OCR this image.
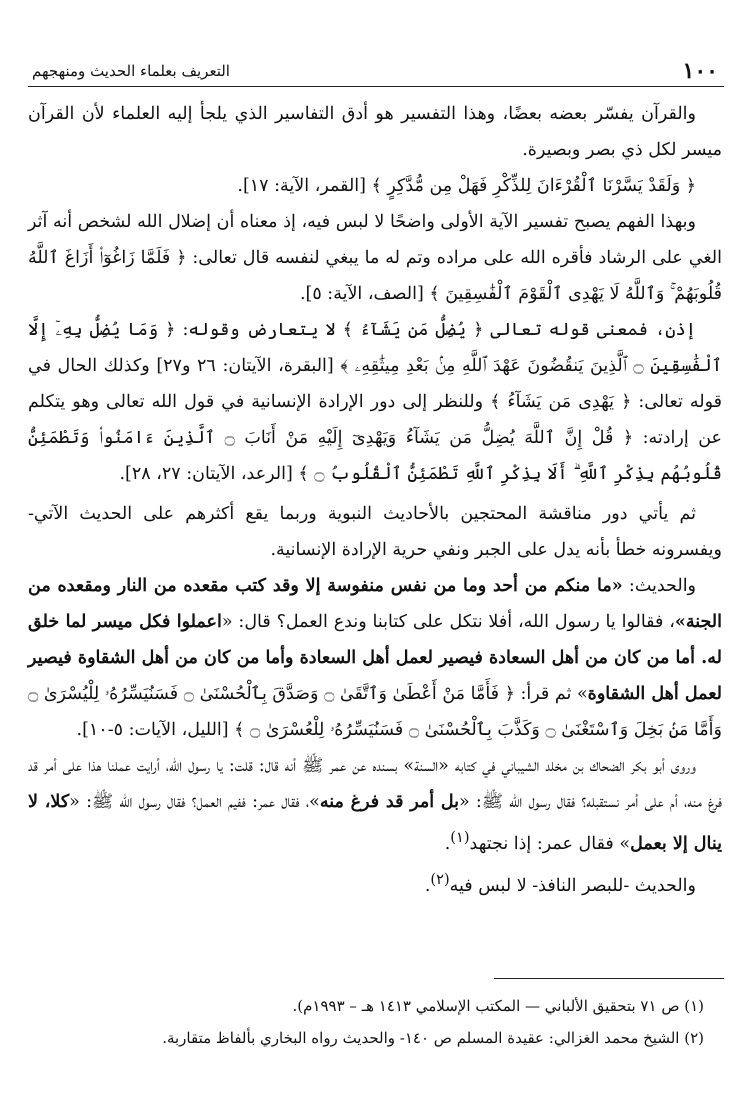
١٠٠
التعريف بعلماء الحديث ومنهجهم

والقرآن يفسّر بعضه بعضًا، وهذا التفسير هو أدق التفاسير الذي يلجأ إليه العلماء لأن القرآن ميسر لكل ذي بصر وبصيرة.

﴿ وَلَقَدْ يَسَّرْنَا ٱلْقُرْءَانَ لِلذِّكْرِ فَهَلْ مِن مُّدَّكِرٍ ﴾ [القمر، الآية: ١٧].

وبهذا الفهم يصبح تفسير الآية الأولى واضحًا لا لبس فيه، إذ معناه أن إضلال الله لشخص أنه آثر الغي على الرشاد فأقره الله على مراده وتم له ما يبغي لنفسه قال تعالى: ﴿ فَلَمَّا زَاغُوٓا۟ أَزَاغَ ٱللَّهُ قُلُوبَهُمْ ۚ وَٱللَّهُ لَا يَهْدِى ٱلْقَوْمَ ٱلْفَٰسِقِينَ ﴾ [الصف، الآية: ٥].

إذن، فمعنى قوله تعالى ﴿ يُضِلُّ مَن يَشَآءُ ﴾ لا يتعارض وقوله: ﴿ وَمَا يُضِلُّ بِهِۦٓ إِلَّا ٱلْفَٰسِقِينَ ۝ ٱلَّذِينَ يَنقُضُونَ عَهْدَ ٱللَّهِ مِنۢ بَعْدِ مِيثَٰقِهِۦ ﴾ [البقرة، الآيتان: ٢٦ و٢٧] وكذلك الحال في قوله تعالى: ﴿ يَهْدِى مَن يَشَآءُ ﴾ وللنظر إلى دور الإرادة الإنسانية في قول الله تعالى وهو يتكلم عن إرادته: ﴿ قُلْ إِنَّ ٱللَّهَ يُضِلُّ مَن يَشَآءُ وَيَهْدِىٓ إِلَيْهِ مَنْ أَنَابَ ۝ ٱلَّذِينَ ءَامَنُوا۟ وَتَطْمَئِنُّ قُلُوبُهُم بِذِكْرِ ٱللَّهِ ۗ أَلَا بِذِكْرِ ٱللَّهِ تَطْمَئِنُّ ٱلْقُلُوبُ ۝ ﴾ [الرعد، الآيتان: ٢٧، ٢٨].

ثم يأتي دور مناقشة المحتجين بالأحاديث النبوية وربما يقع أكثرهم على الحديث الآتي- ويفسرونه خطأ بأنه يدل على الجبر ونفي حرية الإرادة الإنسانية.

والحديث: «ما منكم من أحد وما من نفس منفوسة إلا وقد كتب مقعده من النار ومقعده من الجنة»، فقالوا يا رسول الله، أفلا نتكل على كتابنا وندع العمل؟ قال: «اعملوا فكل ميسر لما خلق له. أما من كان من أهل السعادة فيصير لعمل أهل السعادة وأما من كان من أهل الشقاوة فيصير لعمل أهل الشقاوة» ثم قرأ: ﴿ فَأَمَّا مَنْ أَعْطَىٰ وَٱتَّقَىٰ ۝ وَصَدَّقَ بِٱلْحُسْنَىٰ ۝ فَسَنُيَسِّرُهُۥ لِلْيُسْرَىٰ ۝ وَأَمَّا مَنۢ بَخِلَ وَٱسْتَغْنَىٰ ۝ وَكَذَّبَ بِٱلْحُسْنَىٰ ۝ فَسَنُيَسِّرُهُۥ لِلْعُسْرَىٰ ۝ ﴾ [الليل، الآيات: ٥-١٠].

وروى أبو بكر الضحاك بن مخلد الشيباني في كتابه «السنة» بسنده عن عمر ﷺ أنه قال: قلت: يا رسول الله، أرايت عملنا هذا على أمر قد فرغ منه، أم على أمر نستقبله؟ فقال رسول الله ﷺ: «بل أمر قد فرغ منه»، فقال عمر: ففيم العمل؟ فقال رسول الله ﷺ: «كلا، لا ينال إلا بعمل» فقال عمر: إذا نجتهد$^{(١)}$.

والحديث -للبصر النافذ- لا لبس فيه$^{(٢)}$.

(١) ص ٧١ بتحقيق الألباني — المكتب الإسلامي ١٤١٣ هـ – ١٩٩٣م).

(٢) الشيخ محمد الغزالي: عقيدة المسلم ص ١٤٠- والحديث رواه البخاري بألفاظ متقاربة.
